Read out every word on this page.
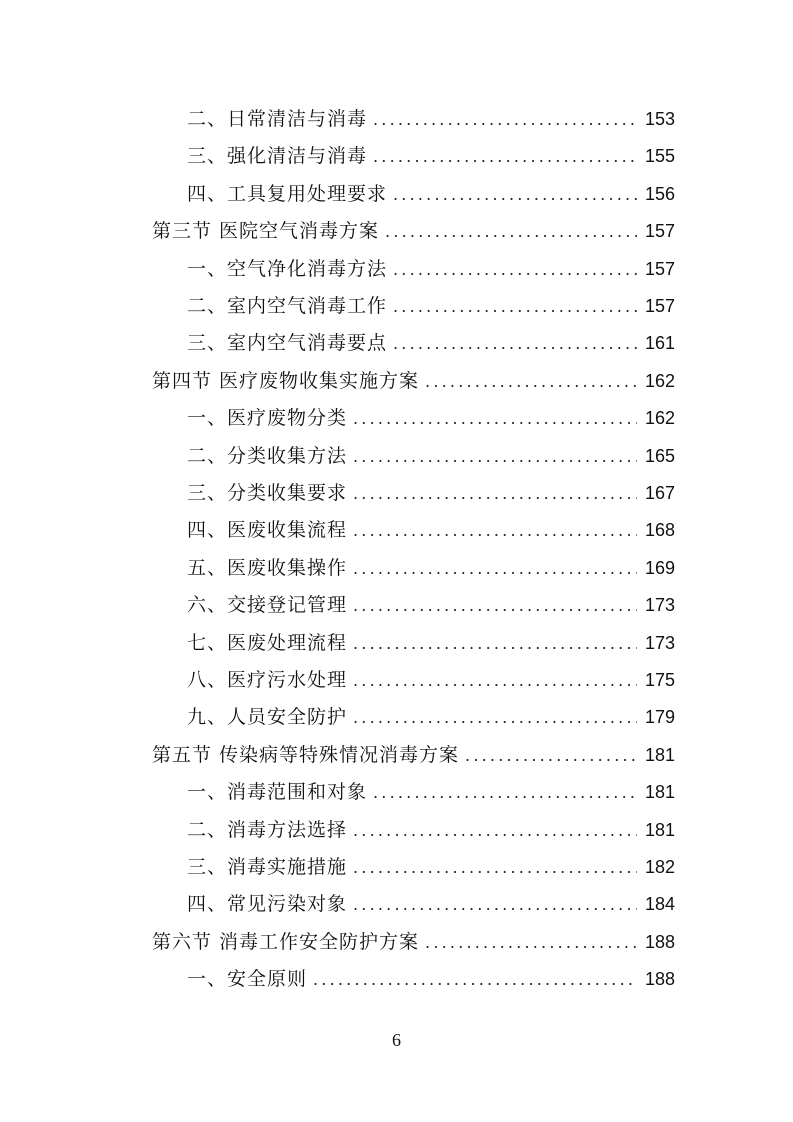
二、日常清洁与消毒 .....	153
三、强化清洁与消毒 .....	155
四、工具复用处理要求 .....	156
第三节 医院空气消毒方案 .....	157
一、空气净化消毒方法 .....	157
二、室内空气消毒工作 .....	157
三、室内空气消毒要点 .....	161
第四节 医疗废物收集实施方案 .....	162
一、医疗废物分类 .....	162
二、分类收集方法 .....	165
三、分类收集要求 .....	167
四、医废收集流程 .....	168
五、医废收集操作 .....	169
六、交接登记管理 .....	173
七、医废处理流程 .....	173
八、医疗污水处理 .....	175
九、人员安全防护 .....	179
第五节 传染病等特殊情况消毒方案 .....	181
一、消毒范围和对象 .....	181
二、消毒方法选择 .....	181
三、消毒实施措施 .....	182
四、常见污染对象 .....	184
第六节 消毒工作安全防护方案 .....	188
一、安全原则 .....	188
6
